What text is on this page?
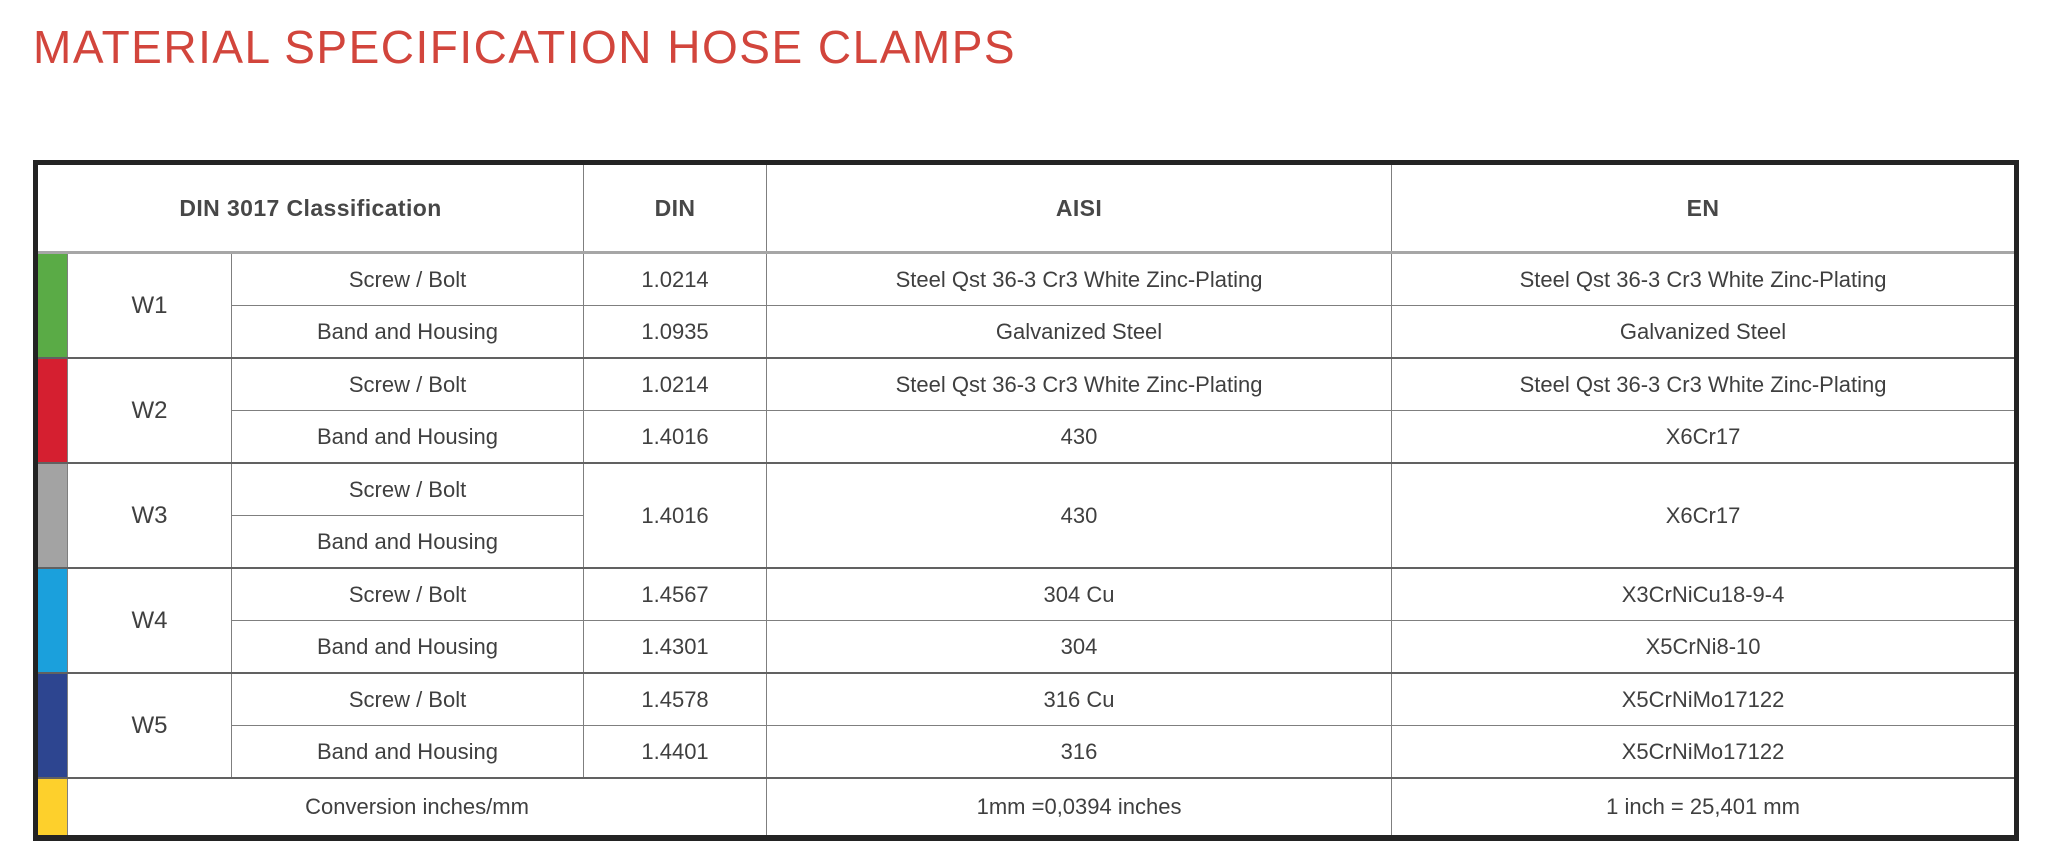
MATERIAL SPECIFICATION HOSE CLAMPS
DIN 3017 Classification			DIN	AISI	EN
	W1	Screw / Bolt	1.0214	Steel Qst 36-3 Cr3 White Zinc-Plating	Steel Qst 36-3 Cr3 White Zinc-Plating
		Band and Housing	1.0935	Galvanized Steel	Galvanized Steel
	W2	Screw / Bolt	1.0214	Steel Qst 36-3 Cr3 White Zinc-Plating	Steel Qst 36-3 Cr3 White Zinc-Plating
		Band and Housing	1.4016	430	X6Cr17
	W3	Screw / Bolt	1.4016	430	X6Cr17
		Band and Housing			
	W4	Screw / Bolt	1.4567	304 Cu	X3CrNiCu18-9-4
		Band and Housing	1.4301	304	X5CrNi8-10
	W5	Screw / Bolt	1.4578	316 Cu	X5CrNiMo17122
		Band and Housing	1.4401	316	X5CrNiMo17122
	Conversion inches/mm			1mm =0,0394 inches	1 inch = 25,401 mm
